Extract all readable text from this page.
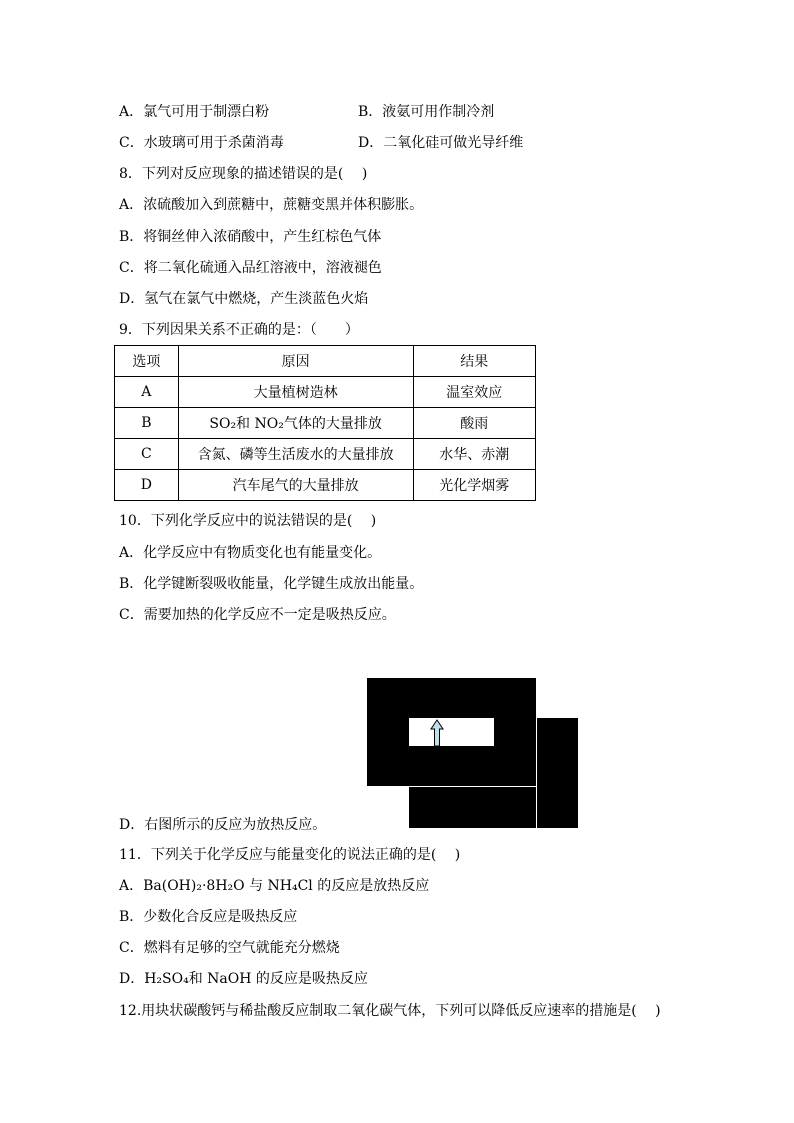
A．氯气可用于制漂白粉	B．液氨可用作制冷剂
C．水玻璃可用于杀菌消毒	D．二氧化硅可做光导纤维
8．下列对反应现象的描述错误的是(　 )
A．浓硫酸加入到蔗糖中，蔗糖变黑并体积膨胀。
B．将铜丝伸入浓硝酸中，产生红棕色气体
C．将二氧化硫通入品红溶液中，溶液褪色
D．氢气在氯气中燃烧，产生淡蓝色火焰
9．下列因果关系不正确的是：（　　）
选项	原因	结果
A	大量植树造林	温室效应
B	SO₂和 NO₂气体的大量排放	酸雨
C	含氮、磷等生活废水的大量排放	水华、赤潮
D	汽车尾气的大量排放	光化学烟雾
10．下列化学反应中的说法错误的是(　 )
A．化学反应中有物质变化也有能量变化。
B．化学键断裂吸收能量，化学键生成放出能量。
C．需要加热的化学反应不一定是吸热反应。
D．右图所示的反应为放热反应。
11．下列关于化学反应与能量变化的说法正确的是(　 )
A．Ba(OH)₂·8H₂O 与 NH₄Cl 的反应是放热反应
B．少数化合反应是吸热反应
C．燃料有足够的空气就能充分燃烧
D．H₂SO₄和 NaOH 的反应是吸热反应
12.用块状碳酸钙与稀盐酸反应制取二氧化碳气体，下列可以降低反应速率的措施是(　 )
